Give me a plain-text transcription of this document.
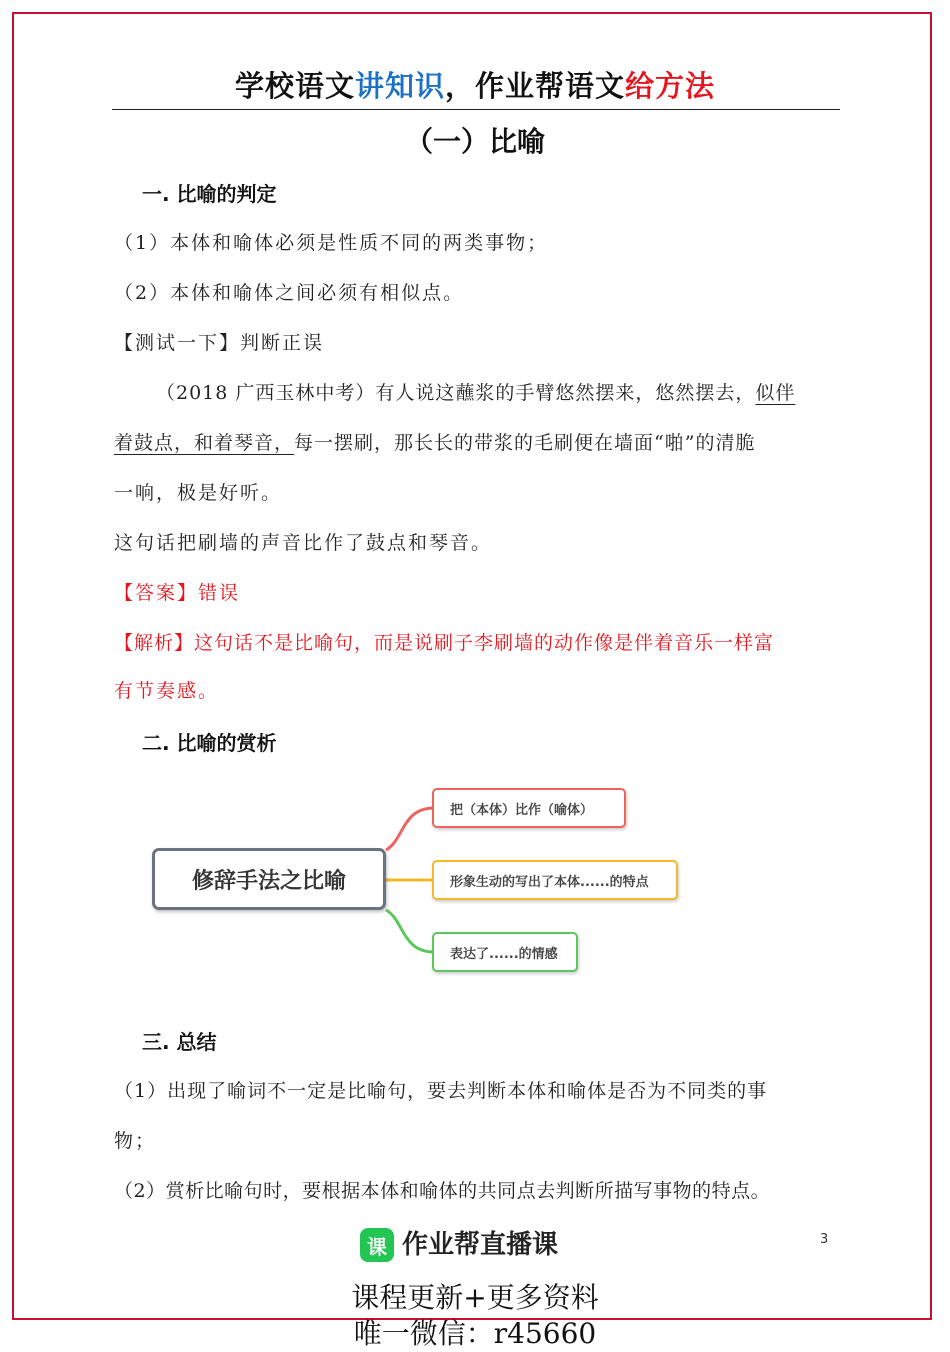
学校语文讲知识，作业帮语文给方法
（一）比喻
一. 比喻的判定
（1）本体和喻体必须是性质不同的两类事物；
（2）本体和喻体之间必须有相似点。
【测试一下】判断正误
（2018 广西玉林中考）有人说这蘸浆的手臂悠然摆来，悠然摆去，似伴
着鼓点，和着琴音，每一摆刷，那长长的带浆的毛刷便在墙面“啪”的清脆
一响，极是好听。
这句话把刷墙的声音比作了鼓点和琴音。
【答案】错误
【解析】这句话不是比喻句，而是说刷子李刷墙的动作像是伴着音乐一样富
有节奏感。
二. 比喻的赏析
修辞手法之比喻
把（本体）比作（喻体）
形象生动的写出了本体......的特点
表达了......的情感
三. 总结
（1）出现了喻词不一定是比喻句，要去判断本体和喻体是否为不同类的事
物；
（2）赏析比喻句时，要根据本体和喻体的共同点去判断所描写事物的特点。
课 作业帮直播课	3
课程更新+更多资料
唯一微信：r45660
